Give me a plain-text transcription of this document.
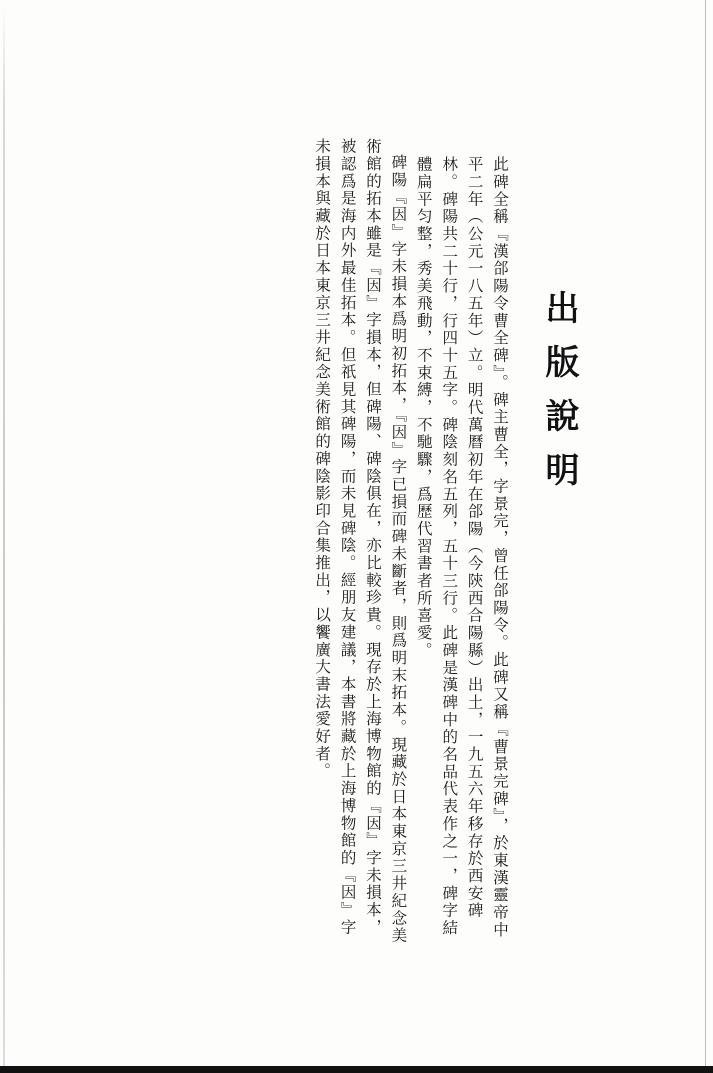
出版說明

此碑全稱『漢郃陽令曹全碑』。碑主曹全，字景完，曾任郃陽令。此碑又稱『曹景完碑』，於東漢靈帝中平二年（公元一八五年）立。明代萬曆初年在郃陽（今陝西合陽縣）出土，一九五六年移存於西安碑林。碑陽共二十行，行四十五字。碑陰刻名五列，五十三行。此碑是漢碑中的名品代表作之一，碑字結體扁平匀整，秀美飛動，不束縛，不馳驟，爲歷代習書者所喜愛。

碑陽『因』字未損本爲明初拓本，『因』字已損而碑未斷者，則爲明末拓本。現藏於日本東京三井紀念美術館的拓本雖是『因』字損本，但碑陽、碑陰俱在，亦比較珍貴。現存於上海博物館的『因』字未損本，被認爲是海内外最佳拓本。但祇見其碑陽，而未見碑陰。經朋友建議，本書將藏於上海博物館的『因』字未損本與藏於日本東京三井紀念美術館的碑陰影印合集推出，以饗廣大書法愛好者。
